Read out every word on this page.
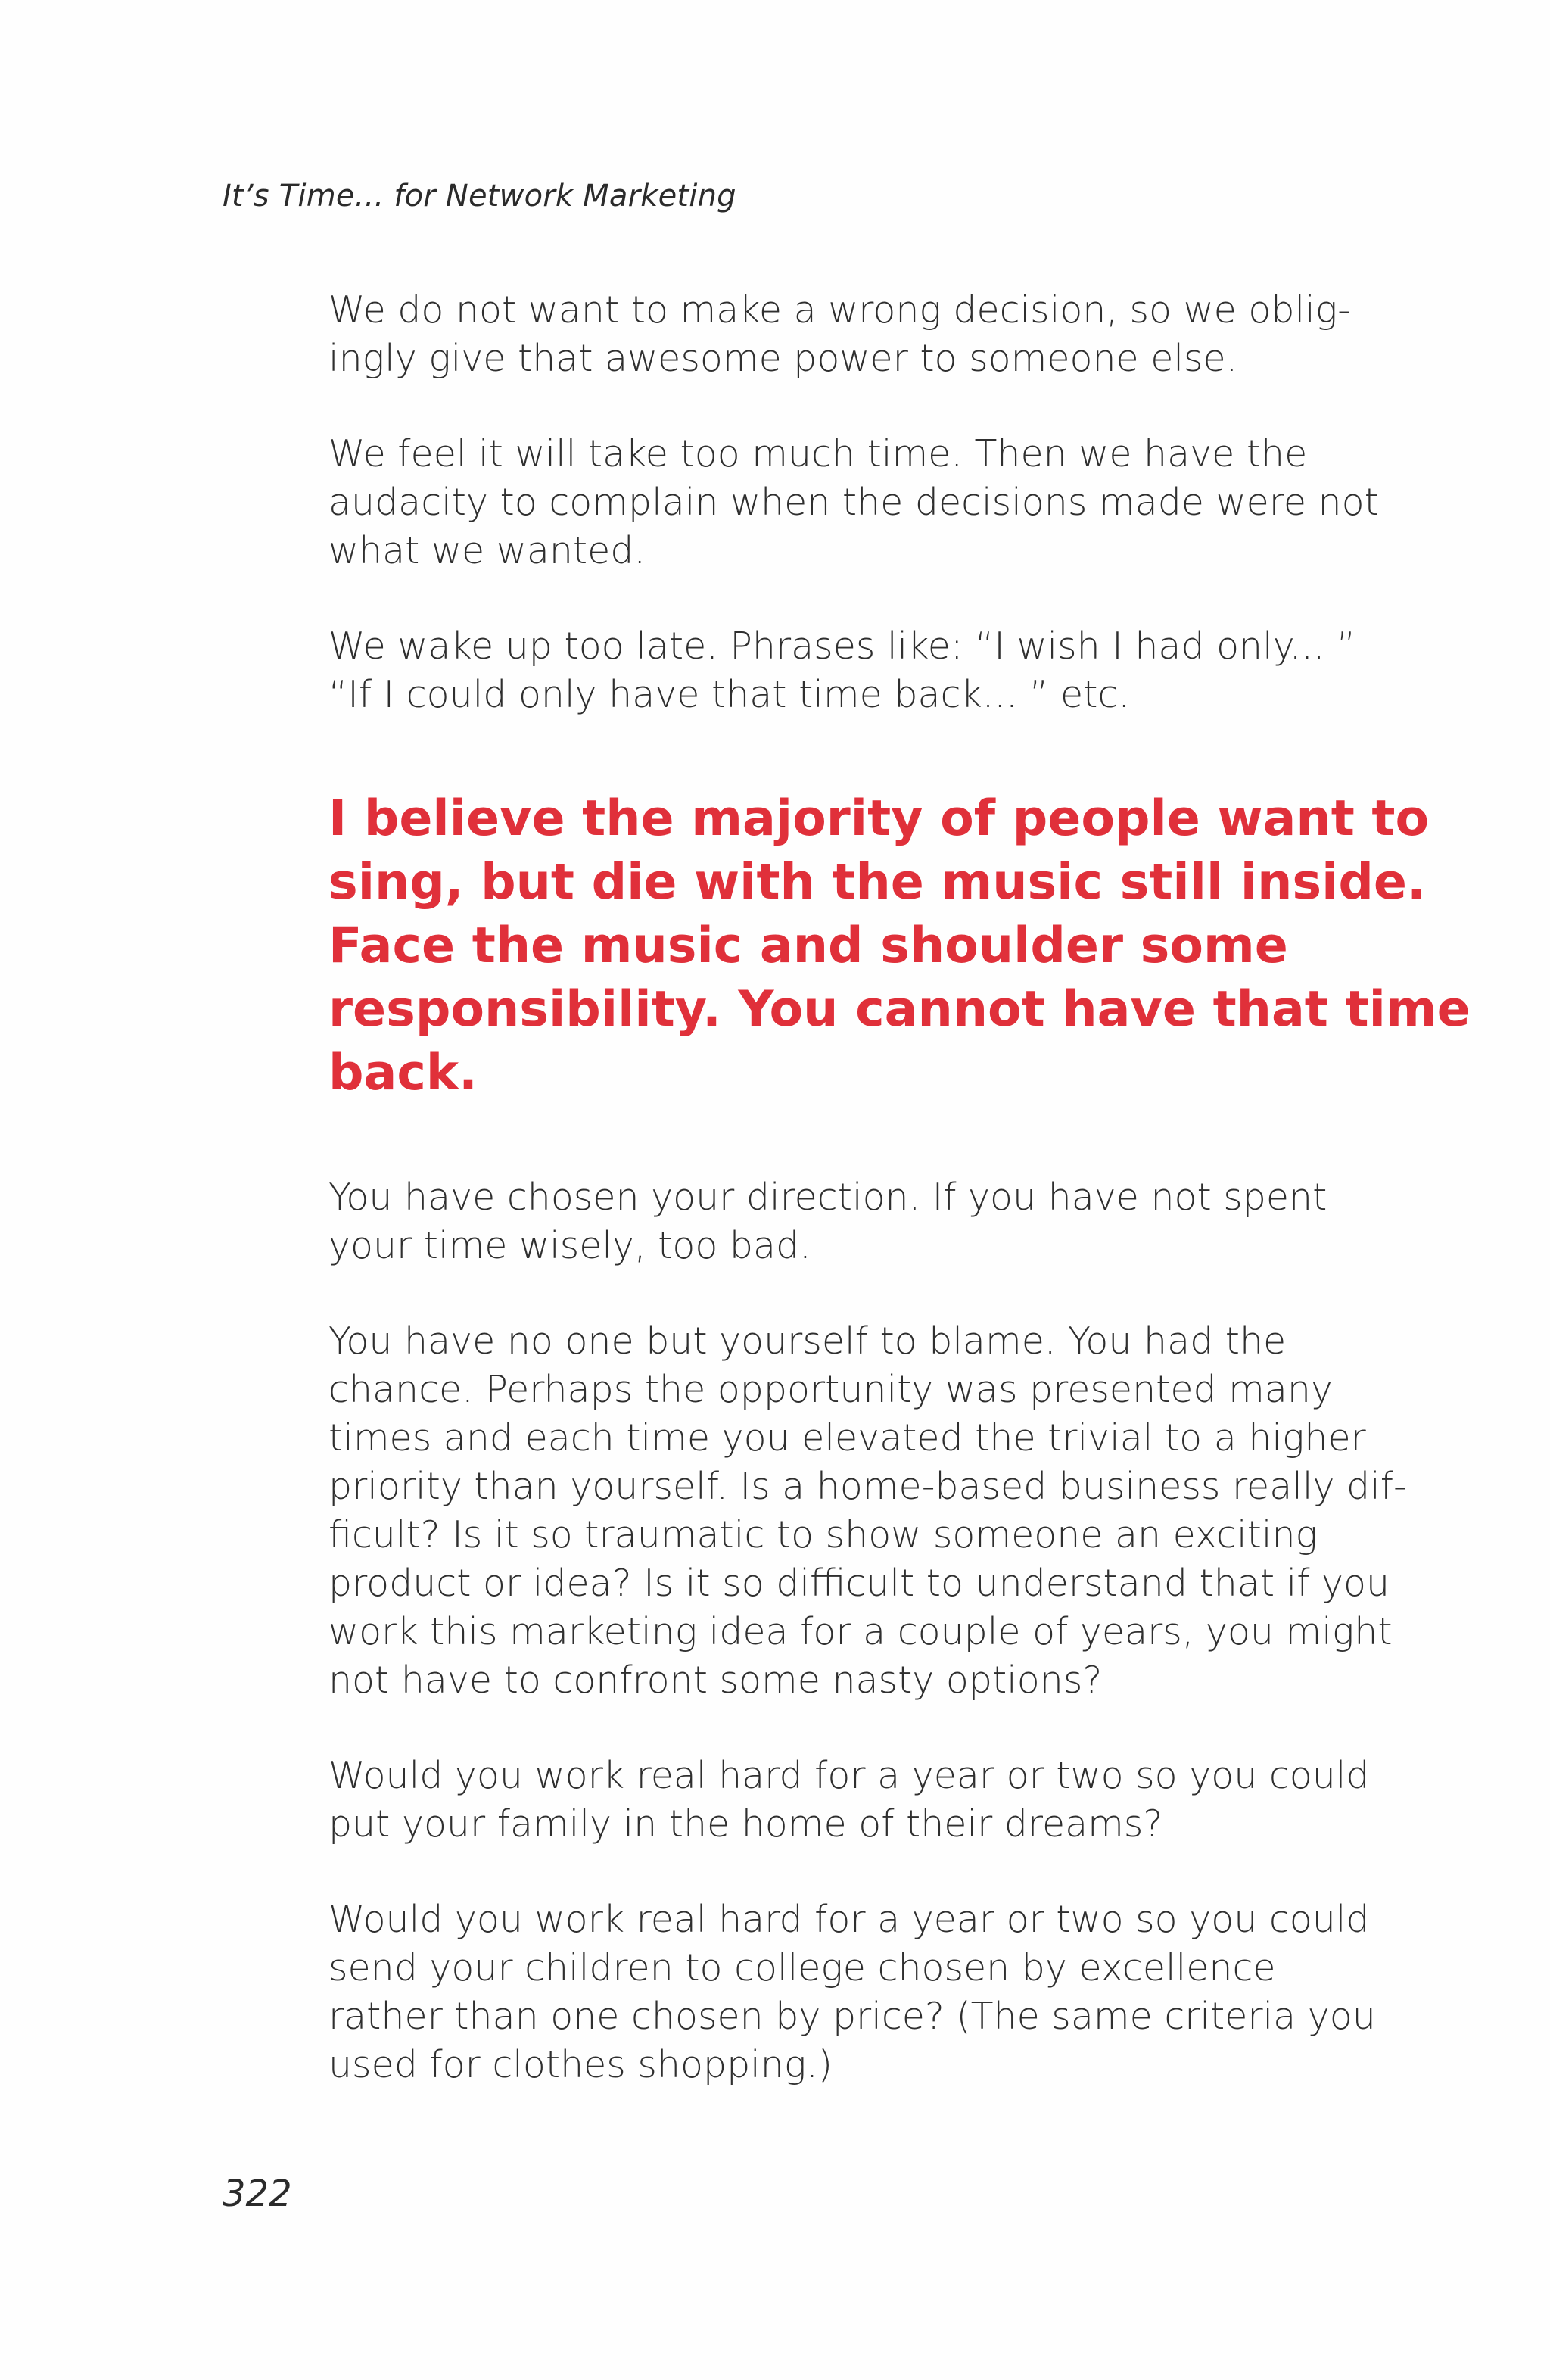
It’s Time... for Network Marketing

We do not want to make a wrong decision, so we oblig-
ingly give that awesome power to someone else.

We feel it will take too much time. Then we have the
audacity to complain when the decisions made were not
what we wanted.

We wake up too late. Phrases like: “I wish I had only... ”
“If I could only have that time back... ” etc.

I believe the majority of people want to
sing, but die with the music still inside.
Face the music and shoulder some
responsibility. You cannot have that time
back.

You have chosen your direction. If you have not spent
your time wisely, too bad.

You have no one but yourself to blame. You had the
chance. Perhaps the opportunity was presented many
times and each time you elevated the trivial to a higher
priority than yourself. Is a home-based business really dif-
ficult? Is it so traumatic to show someone an exciting
product or idea? Is it so difficult to understand that if you
work this marketing idea for a couple of years, you might
not have to confront some nasty options?

Would you work real hard for a year or two so you could
put your family in the home of their dreams?

Would you work real hard for a year or two so you could
send your children to college chosen by excellence
rather than one chosen by price? (The same criteria you
used for clothes shopping.)

322
